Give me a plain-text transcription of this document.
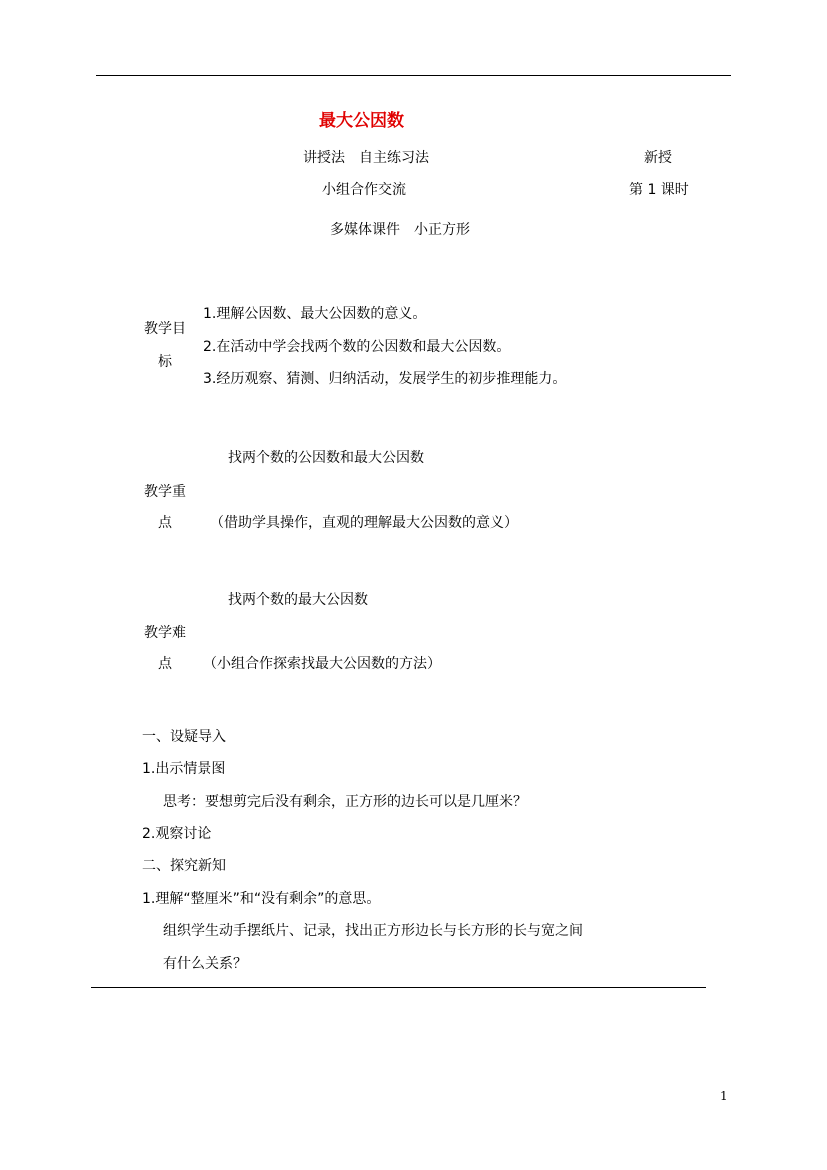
最大公因数
讲授法　自主练习法	新授
小组合作交流	第 1 课时
多媒体课件　小正方形
教学目
标
1.理解公因数、最大公因数的意义。
2.在活动中学会找两个数的公因数和最大公因数。
3.经历观察、猜测、归纳活动，发展学生的初步推理能力。
找两个数的公因数和最大公因数
教学重
点	（借助学具操作，直观的理解最大公因数的意义）
找两个数的最大公因数
教学难
点 （小组合作探索找最大公因数的方法）
一、设疑导入
1.出示情景图
思考：要想剪完后没有剩余，正方形的边长可以是几厘米？
2.观察讨论
二、探究新知
1.理解“整厘米”和“没有剩余”的意思。
组织学生动手摆纸片、记录，找出正方形边长与长方形的长与宽之间
有什么关系？
1
